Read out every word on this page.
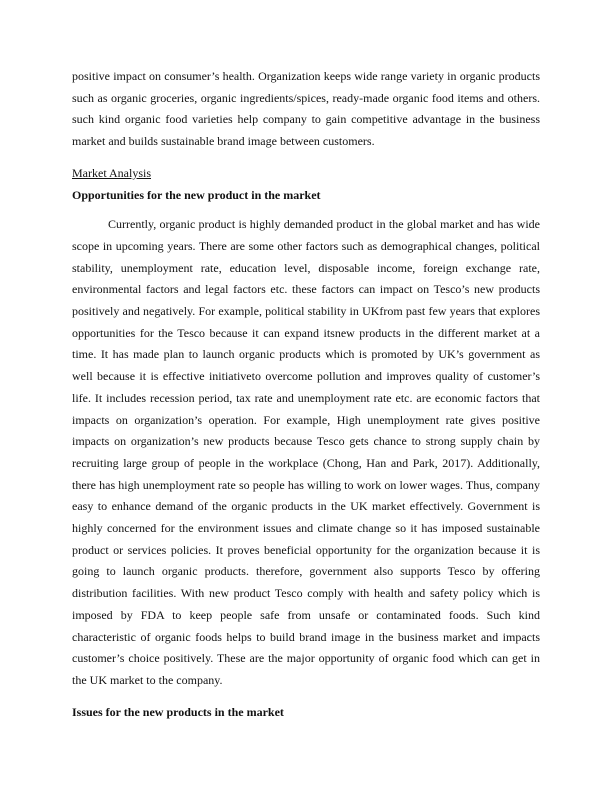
positive impact on consumer’s health. Organization keeps wide range variety in organic products such as organic groceries, organic ingredients/spices, ready-made organic food items and others. such kind organic food varieties help company to gain competitive advantage in the business market and builds sustainable brand image between customers.

Market Analysis
Opportunities for the new product in the market

Currently, organic product is highly demanded product in the global market and has wide scope in upcoming years. There are some other factors such as demographical changes, political stability, unemployment rate, education level, disposable income, foreign exchange rate, environmental factors and legal factors etc. these factors can impact on Tesco’s new products positively and negatively. For example, political stability in UKfrom past few years that explores opportunities for the Tesco because it can expand itsnew products in the different market at a time. It has made plan to launch organic products which is promoted by UK’s government as well because it is effective initiativeto overcome pollution and improves quality of customer’s life. It includes recession period, tax rate and unemployment rate etc. are economic factors that impacts on organization’s operation. For example, High unemployment rate gives positive impacts on organization’s new products because Tesco gets chance to strong supply chain by recruiting large group of people in the workplace (Chong, Han and Park, 2017). Additionally, there has high unemployment rate so people has willing to work on lower wages. Thus, company easy to enhance demand of the organic products in the UK market effectively. Government is highly concerned for the environment issues and climate change so it has imposed sustainable product or services policies. It proves beneficial opportunity for the organization because it is going to launch organic products. therefore, government also supports Tesco by offering distribution facilities. With new product Tesco comply with health and safety policy which is imposed by FDA to keep people safe from unsafe or contaminated foods. Such kind characteristic of organic foods helps to build brand image in the business market and impacts customer’s choice positively. These are the major opportunity of organic food which can get in the UK market to the company.

Issues for the new products in the market
